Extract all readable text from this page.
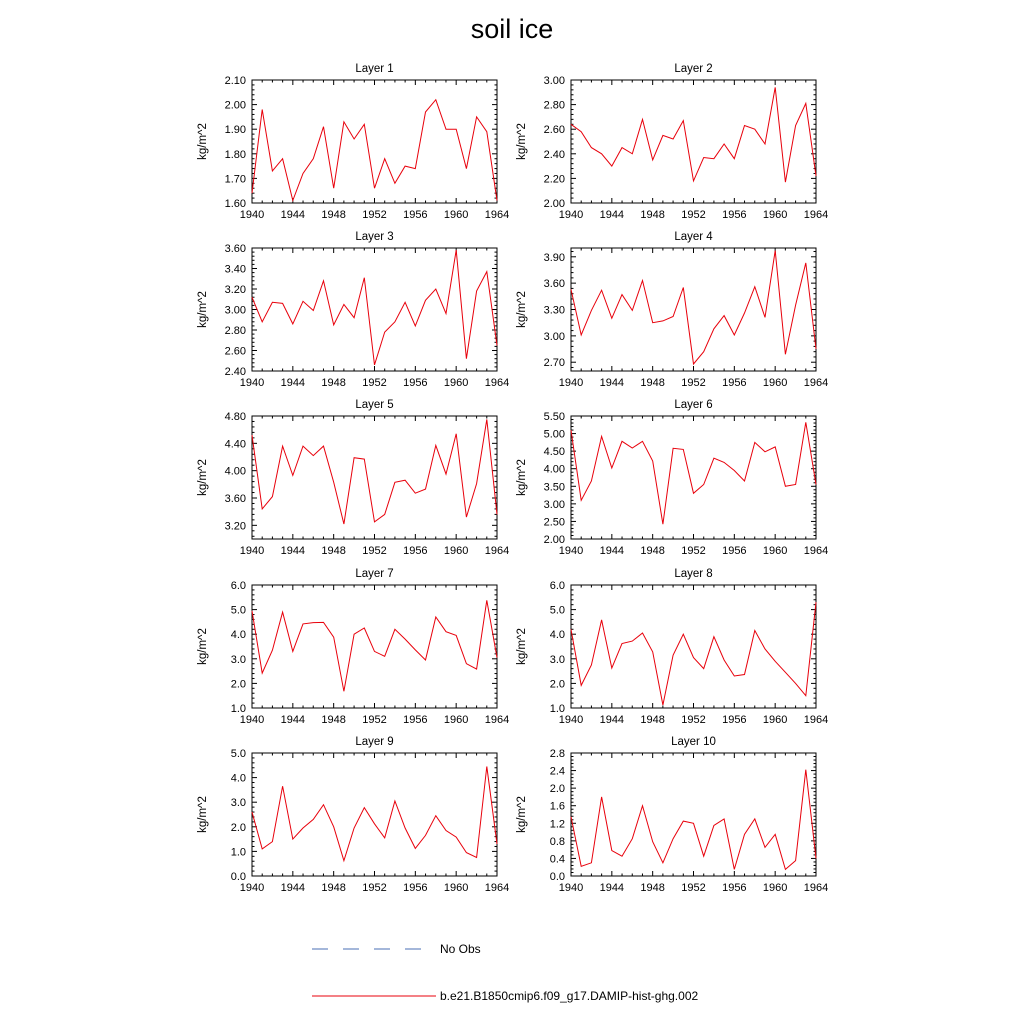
soil ice
Layer 1
1940 1944 1948 1952 1956 1960 1964
1.60
1.70
1.80
1.90
2.00
2.10
kg/m^2
Layer 2
1940 1944 1948 1952 1956 1960 1964
2.00
2.20
2.40
2.60
2.80
3.00
kg/m^2
Layer 3
1940 1944 1948 1952 1956 1960 1964
2.40
2.60
2.80
3.00
3.20
3.40
3.60
kg/m^2
Layer 4
1940 1944 1948 1952 1956 1960 1964
2.70
3.00
3.30
3.60
3.90
kg/m^2
Layer 5
1940 1944 1948 1952 1956 1960 1964
3.20
3.60
4.00
4.40
4.80
kg/m^2
Layer 6
1940 1944 1948 1952 1956 1960 1964
2.00
2.50
3.00
3.50
4.00
4.50
5.00
5.50
kg/m^2
Layer 7
1940 1944 1948 1952 1956 1960 1964
1.0
2.0
3.0
4.0
5.0
6.0
kg/m^2
Layer 8
1940 1944 1948 1952 1956 1960 1964
1.0
2.0
3.0
4.0
5.0
6.0
kg/m^2
Layer 9
1940 1944 1948 1952 1956 1960 1964
0.0
1.0
2.0
3.0
4.0
5.0
kg/m^2
Layer 10
1940 1944 1948 1952 1956 1960 1964
0.0
0.4
0.8
1.2
1.6
2.0
2.4
2.8
kg/m^2
No Obs
b.e21.B1850cmip6.f09_g17.DAMIP-hist-ghg.002
